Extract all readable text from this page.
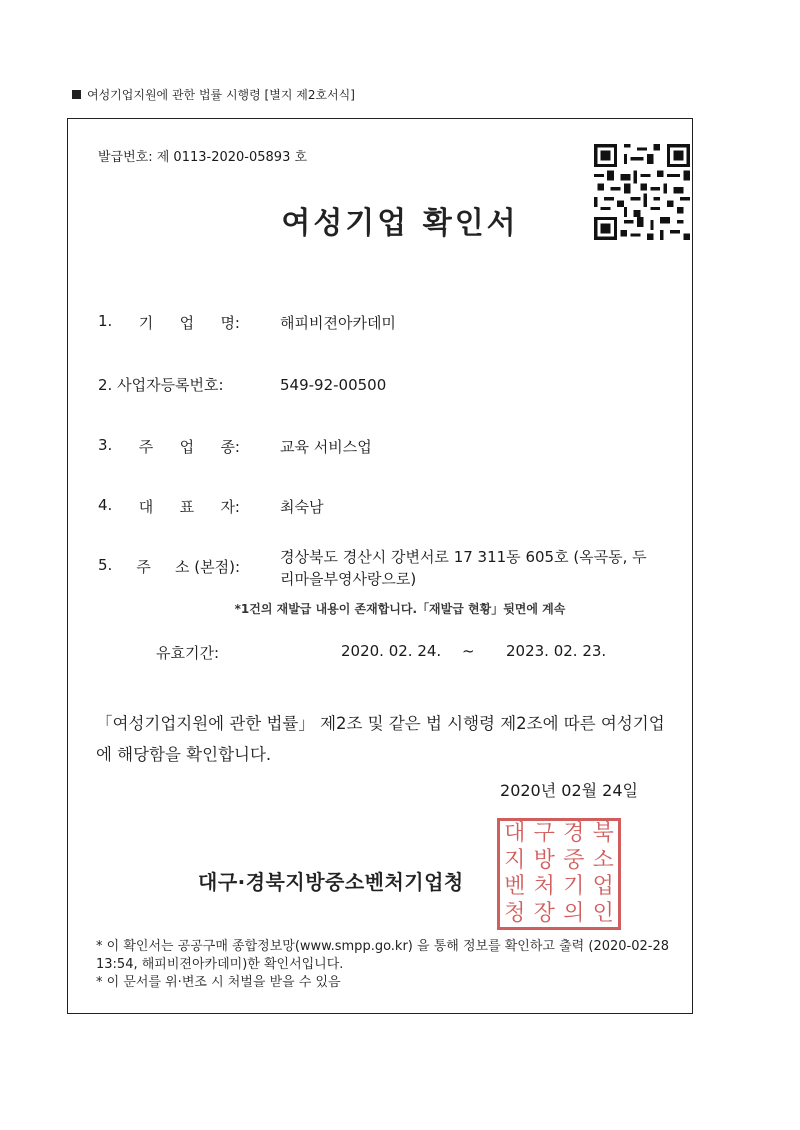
여성기업지원에 관한 법률 시행령 [별지 제2호서식]
발급번호: 제 0113-2020-05893 호
여성기업 확인서
1. 기 업 명:	해피비젼아카데미
2. 사업자등록번호:	549-92-00500
3. 주 업 종:	교육 서비스업
4. 대 표 자:	최숙남
5. 주 소 (본점):
경상북도 경산시 강변서로 17 311동 605호 (옥곡동, 두리마을부영사랑으로)
*1건의 재발급 내용이 존재합니다.「재발급 현황」뒷면에 계속
유효기간:	2020. 02. 24. ~ 2023. 02. 23.
「여성기업지원에 관한 법률」 제2조 및 같은 법 시행령 제2조에 따른 여성기업에 해당함을 확인합니다.
2020년 02월 24일
대구·경북지방중소벤처기업청
대 구 경 북
지 방 중 소
벤 처 기 업
청 장 의 인
* 이 확인서는 공공구매 종합정보망(www.smpp.go.kr) 을 통해 정보를 확인하고 출력 (2020-02-28 13:54, 해피비젼아카데미)한 확인서입니다.
* 이 문서를 위·변조 시 처벌을 받을 수 있음
